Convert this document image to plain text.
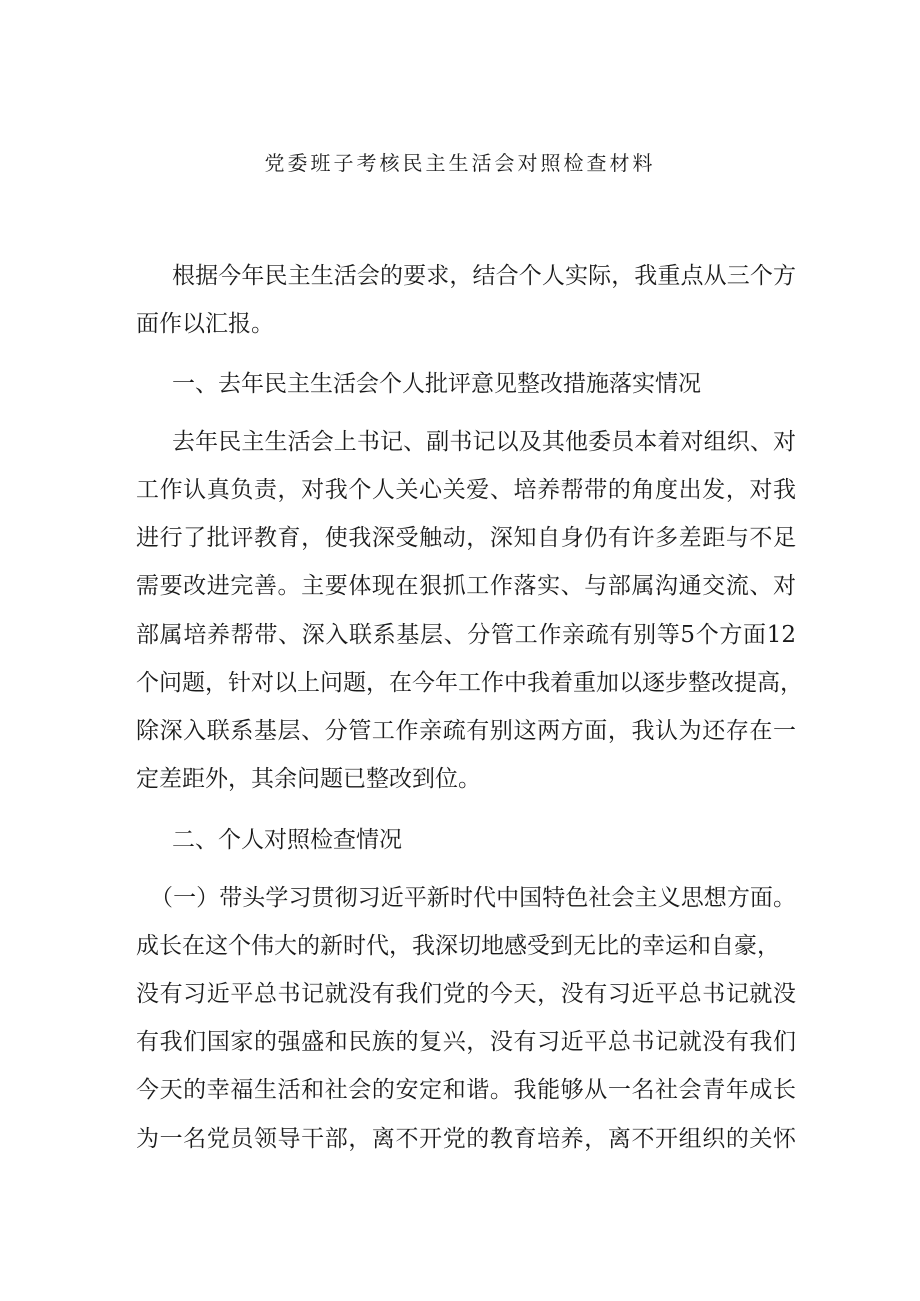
党委班子考核民主生活会对照检查材料
根据今年民主生活会的要求，结合个人实际，我重点从三个方
面作以汇报。
一、去年民主生活会个人批评意见整改措施落实情况
去年民主生活会上书记、副书记以及其他委员本着对组织、对
工作认真负责，对我个人关心关爱、培养帮带的角度出发，对我
进行了批评教育，使我深受触动，深知自身仍有许多差距与不足
需要改进完善。主要体现在狠抓工作落实、与部属沟通交流、对
部属培养帮带、深入联系基层、分管工作亲疏有别等5个方面12
个问题，针对以上问题，在今年工作中我着重加以逐步整改提高，
除深入联系基层、分管工作亲疏有别这两方面，我认为还存在一
定差距外，其余问题已整改到位。
二、个人对照检查情况
（一）带头学习贯彻习近平新时代中国特色社会主义思想方面。
成长在这个伟大的新时代，我深切地感受到无比的幸运和自豪，
没有习近平总书记就没有我们党的今天，没有习近平总书记就没
有我们国家的强盛和民族的复兴，没有习近平总书记就没有我们
今天的幸福生活和社会的安定和谐。我能够从一名社会青年成长
为一名党员领导干部，离不开党的教育培养，离不开组织的关怀
